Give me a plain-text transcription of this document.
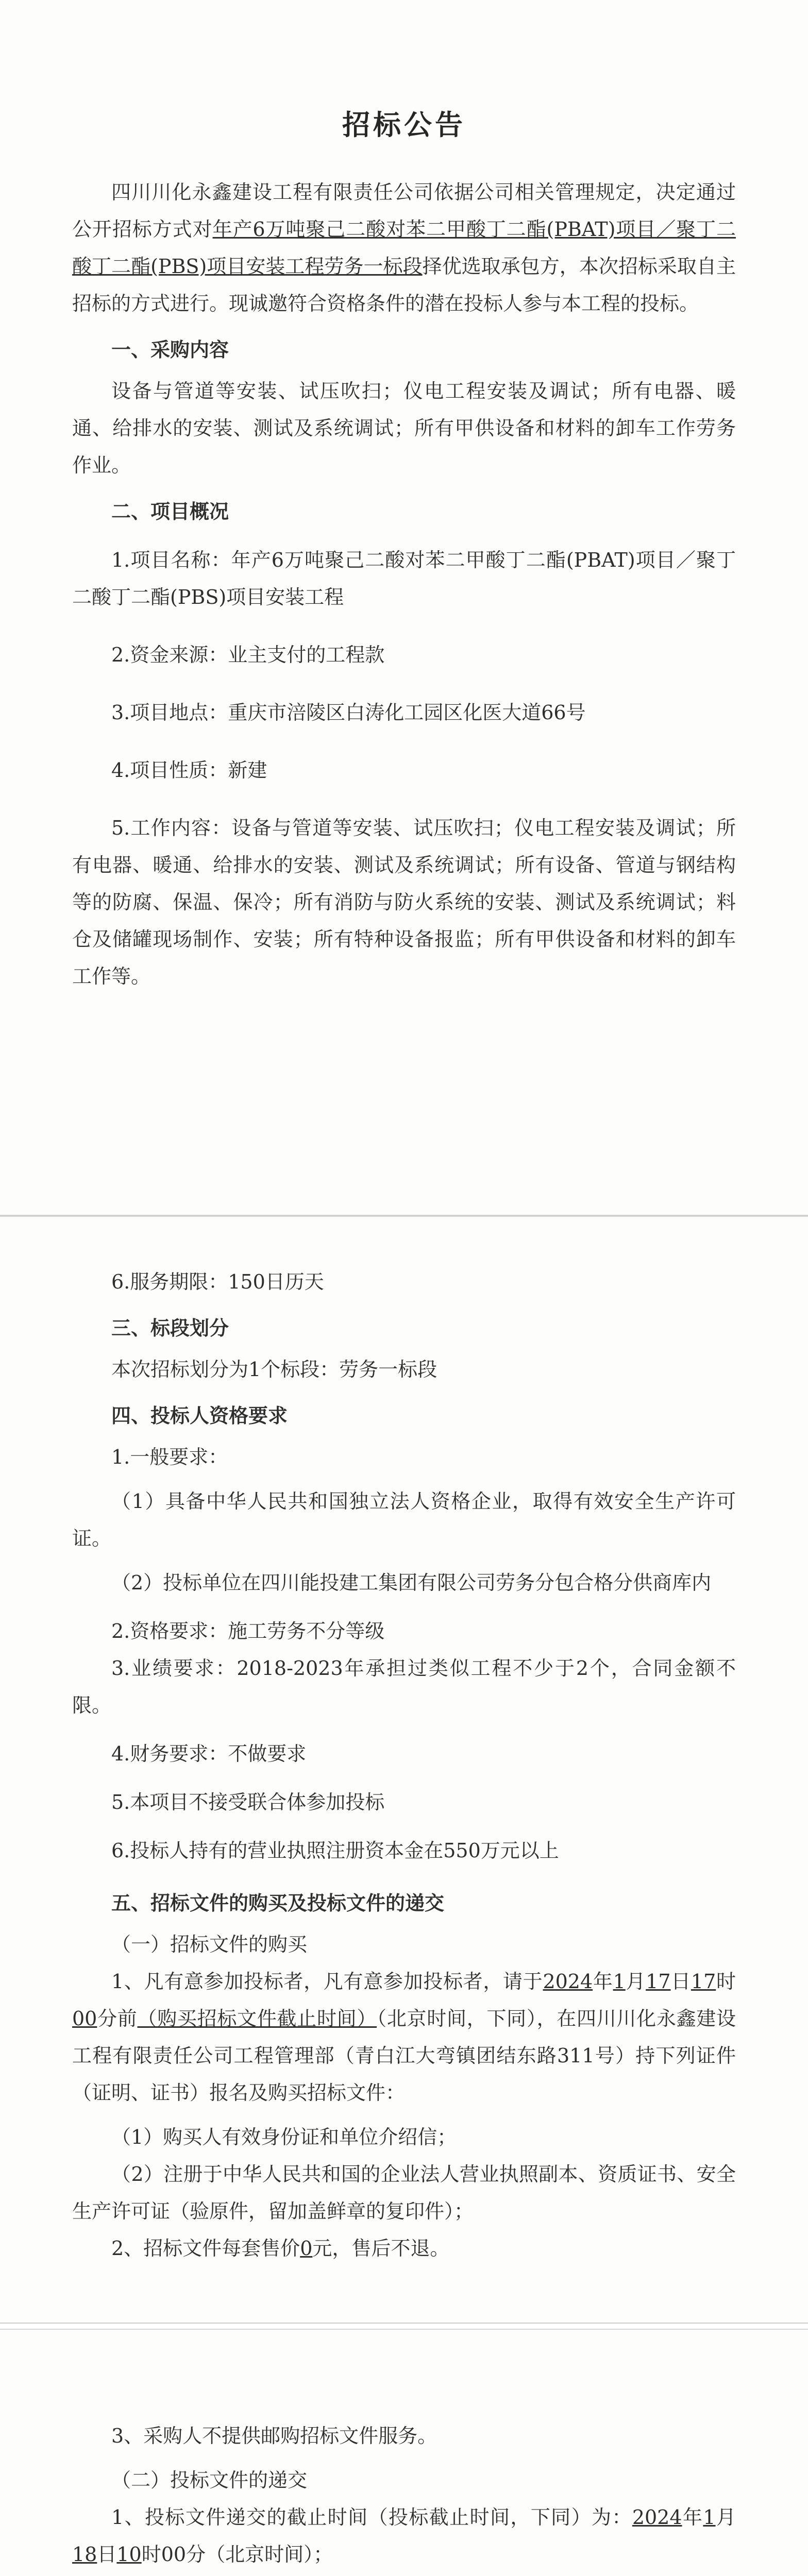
招标公告

四川川化永鑫建设工程有限责任公司依据公司相关管理规定，决定通过公开招标方式对年产6万吨聚己二酸对苯二甲酸丁二酯(PBAT)项目／聚丁二酸丁二酯(PBS)项目安装工程劳务一标段择优选取承包方，本次招标采取自主招标的方式进行。现诚邀符合资格条件的潜在投标人参与本工程的投标。

一、采购内容

设备与管道等安装、试压吹扫；仪电工程安装及调试；所有电器、暖通、给排水的安装、测试及系统调试；所有甲供设备和材料的卸车工作劳务作业。

二、项目概况

1.项目名称：年产6万吨聚己二酸对苯二甲酸丁二酯(PBAT)项目／聚丁二酸丁二酯(PBS)项目安装工程

2.资金来源：业主支付的工程款

3.项目地点：重庆市涪陵区白涛化工园区化医大道66号

4.项目性质：新建

5.工作内容：设备与管道等安装、试压吹扫；仪电工程安装及调试；所有电器、暖通、给排水的安装、测试及系统调试；所有设备、管道与钢结构等的防腐、保温、保冷；所有消防与防火系统的安装、测试及系统调试；料仓及储罐现场制作、安装；所有特种设备报监；所有甲供设备和材料的卸车工作等。

6.服务期限：150日历天

三、标段划分

本次招标划分为1个标段：劳务一标段

四、投标人资格要求

1.一般要求：

（1）具备中华人民共和国独立法人资格企业，取得有效安全生产许可证。

（2）投标单位在四川能投建工集团有限公司劳务分包合格分供商库内

2.资格要求：施工劳务不分等级

3.业绩要求：2018-2023年承担过类似工程不少于2个，合同金额不限。

4.财务要求：不做要求

5.本项目不接受联合体参加投标

6.投标人持有的营业执照注册资本金在550万元以上

五、招标文件的购买及投标文件的递交

（一）招标文件的购买

1、凡有意参加投标者，凡有意参加投标者，请于2024年1月17日17时00分前（购买招标文件截止时间）（北京时间，下同），在四川川化永鑫建设工程有限责任公司工程管理部（青白江大弯镇团结东路311号）持下列证件（证明、证书）报名及购买招标文件：

（1）购买人有效身份证和单位介绍信；

（2）注册于中华人民共和国的企业法人营业执照副本、资质证书、安全生产许可证（验原件，留加盖鲜章的复印件）；

2、招标文件每套售价0元，售后不退。

3、采购人不提供邮购招标文件服务。

（二）投标文件的递交

1、投标文件递交的截止时间（投标截止时间，下同）为：2024年1月18日10时00分（北京时间）；
